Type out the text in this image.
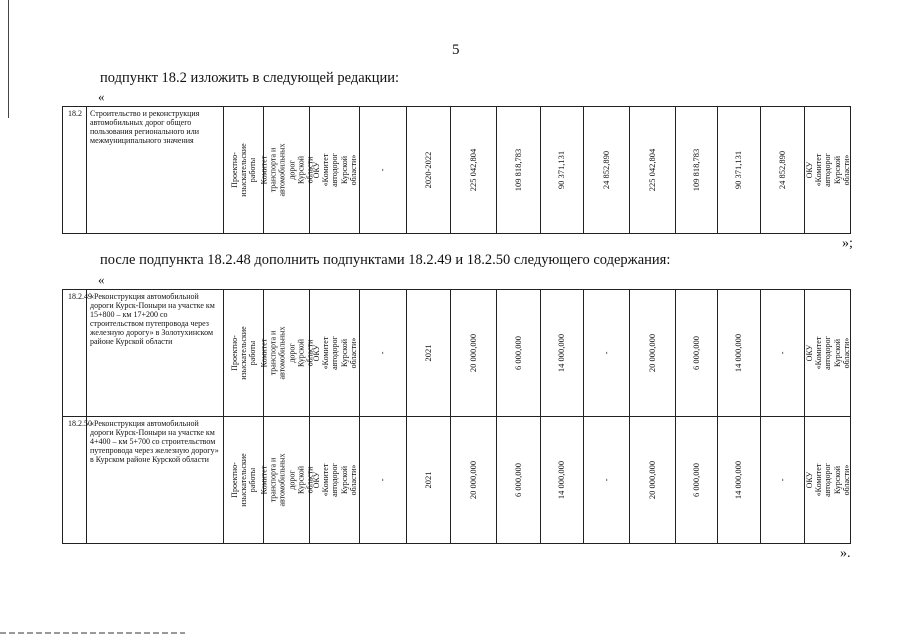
5
подпункт 18.2 изложить в следующей редакции:
«
18.2	Строительство и реконструкция автомобильных дорог общего пользования регионального или межмуниципального значения	
Проектно-
изыскательские работы	Комитет транспорта и
автомобильных дорог
Курской области

ОКУ «Комитет автодорог
Курской области»	-	2020-2022	225 042,804	109 818,783	90 371,131	24 852,890	225 042,804	109 818,783	90 371,131	24 852,890	ОКУ «Комитет автодорог
Курской области»
»;
после подпункта 18.2.48 дополнить подпунктами 18.2.49 и 18.2.50 следующего содержания:
«
18.2.49	«Реконструкция автомобильной дороги Курск-Поныри на участке км 15+800 – км 17+200 со строительством путепровода через железную дорогу» в Золотухинском районе Курской области	Проектно-
изыскательские работы	Комитет транспорта и
автомобильных дорог
Курской области	ОКУ «Комитет
автодорог Курской
области»	-	2021	20 000,000	6 000,000	14 000,000	-	20 000,000	6 000,000	14 000,000	-	ОКУ «Комитет
автодорог Курской
области»

18.2.50	«Реконструкция автомобильной дороги Курск-Поныри на участке км 4+400 – км 5+700 со строительством путепровода через железную дорогу» в Курском районе Курской области	Проектно-
изыскательские работы	Комитет транспорта и
автомобильных дорог
Курской области	ОКУ «Комитет
автодорог Курской
области»	-	2021	20 000,000	6 000,000	14 000,000	-	20 000,000	6 000,000	14 000,000	-	ОКУ «Комитет
автодорог Курской
области»
».
